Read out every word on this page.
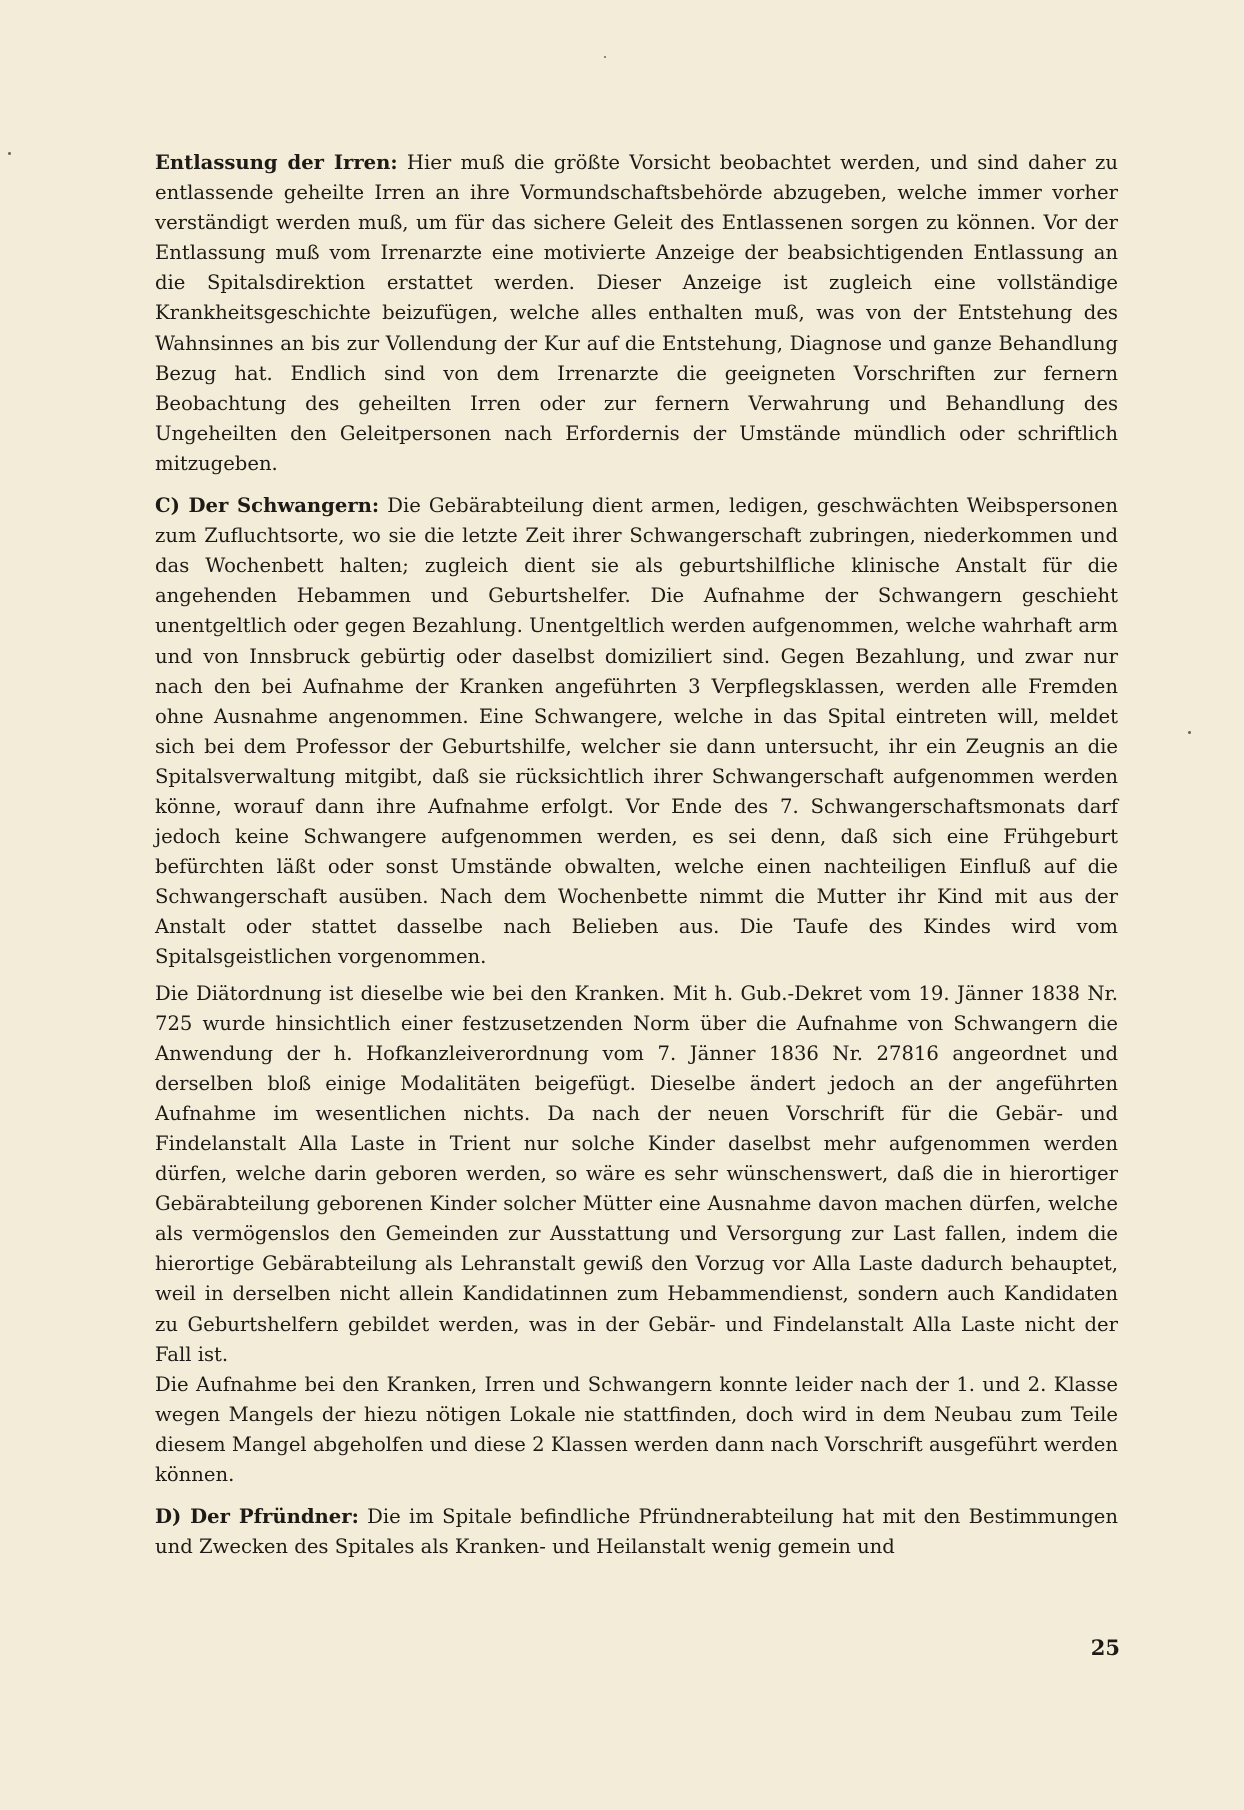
Entlassung der Irren: Hier muß die größte Vorsicht beobachtet werden, und sind daher zu entlassende geheilte Irren an ihre Vormundschaftsbehörde abzugeben, welche immer vorher verständigt werden muß, um für das sichere Geleit des Entlassenen sorgen zu können. Vor der Entlassung muß vom Irrenarzte eine motivierte Anzeige der beabsichtigenden Entlassung an die Spitalsdirektion erstattet werden. Dieser Anzeige ist zugleich eine vollständige Krankheitsgeschichte beizufügen, welche alles enthalten muß, was von der Entstehung des Wahnsinnes an bis zur Vollendung der Kur auf die Entstehung, Diagnose und ganze Behandlung Bezug hat. Endlich sind von dem Irrenarzte die geeigneten Vorschriften zur fernern Beobachtung des geheilten Irren oder zur fernern Verwahrung und Behandlung des Ungeheilten den Geleitpersonen nach Erfordernis der Umstände mündlich oder schriftlich mitzugeben.

C) Der Schwangern: Die Gebärabteilung dient armen, ledigen, geschwächten Weibspersonen zum Zufluchtsorte, wo sie die letzte Zeit ihrer Schwangerschaft zubringen, niederkommen und das Wochenbett halten; zugleich dient sie als geburtshilfliche klinische Anstalt für die angehenden Hebammen und Geburtshelfer. Die Aufnahme der Schwangern geschieht unentgeltlich oder gegen Bezahlung. Unentgeltlich werden aufgenommen, welche wahrhaft arm und von Innsbruck gebürtig oder daselbst domiziliert sind. Gegen Bezahlung, und zwar nur nach den bei Aufnahme der Kranken angeführten 3 Verpflegsklassen, werden alle Fremden ohne Ausnahme angenommen. Eine Schwangere, welche in das Spital eintreten will, meldet sich bei dem Professor der Geburtshilfe, welcher sie dann untersucht, ihr ein Zeugnis an die Spitalsverwaltung mitgibt, daß sie rücksichtlich ihrer Schwangerschaft aufgenommen werden könne, worauf dann ihre Aufnahme erfolgt. Vor Ende des 7. Schwangerschaftsmonats darf jedoch keine Schwangere aufgenommen werden, es sei denn, daß sich eine Frühgeburt befürchten läßt oder sonst Umstände obwalten, welche einen nachteiligen Einfluß auf die Schwangerschaft ausüben. Nach dem Wochenbette nimmt die Mutter ihr Kind mit aus der Anstalt oder stattet dasselbe nach Belieben aus. Die Taufe des Kindes wird vom Spitalsgeistlichen vorgenommen.

Die Diätordnung ist dieselbe wie bei den Kranken. Mit h. Gub.-Dekret vom 19. Jänner 1838 Nr. 725 wurde hinsichtlich einer festzusetzenden Norm über die Aufnahme von Schwangern die Anwendung der h. Hofkanzleiverordnung vom 7. Jänner 1836 Nr. 27816 angeordnet und derselben bloß einige Modalitäten beigefügt. Dieselbe ändert jedoch an der angeführten Aufnahme im wesentlichen nichts. Da nach der neuen Vorschrift für die Gebär- und Findelanstalt Alla Laste in Trient nur solche Kinder daselbst mehr aufgenommen werden dürfen, welche darin geboren werden, so wäre es sehr wünschenswert, daß die in hierortiger Gebärabteilung geborenen Kinder solcher Mütter eine Ausnahme davon machen dürfen, welche als vermögenslos den Gemeinden zur Ausstattung und Versorgung zur Last fallen, indem die hierortige Gebärabteilung als Lehranstalt gewiß den Vorzug vor Alla Laste dadurch behauptet, weil in derselben nicht allein Kandidatinnen zum Hebammendienst, sondern auch Kandidaten zu Geburtshelfern gebildet werden, was in der Gebär- und Findelanstalt Alla Laste nicht der Fall ist.

Die Aufnahme bei den Kranken, Irren und Schwangern konnte leider nach der 1. und 2. Klasse wegen Mangels der hiezu nötigen Lokale nie stattfinden, doch wird in dem Neubau zum Teile diesem Mangel abgeholfen und diese 2 Klassen werden dann nach Vorschrift ausgeführt werden können.

D) Der Pfründner: Die im Spitale befindliche Pfründnerabteilung hat mit den Bestimmungen und Zwecken des Spitales als Kranken- und Heilanstalt wenig gemein und

25
